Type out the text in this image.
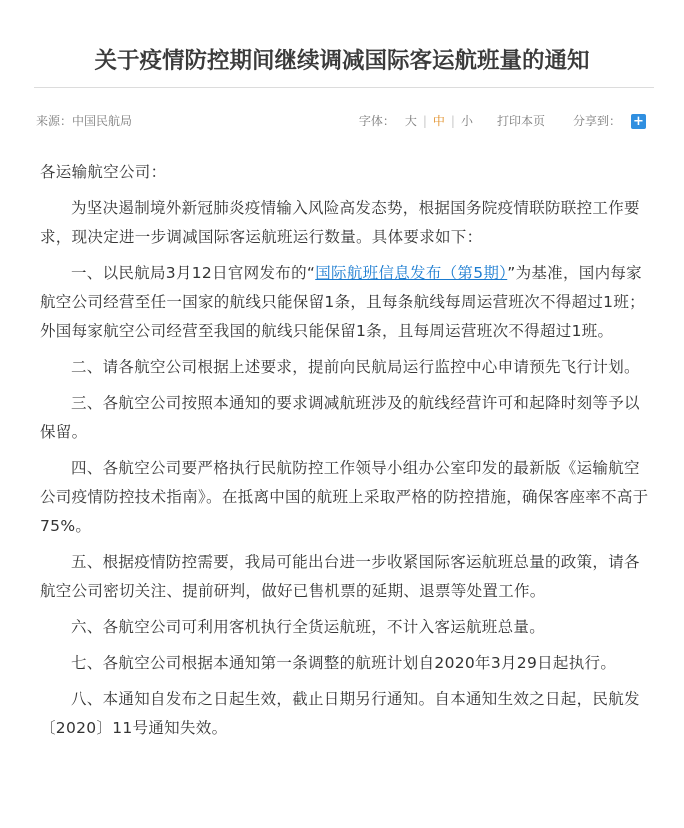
关于疫情防控期间继续调减国际客运航班量的通知
来源：中国民航局	字体： 大 | 中 | 小 打印本页 分享到： +

各运输航空公司：

为坚决遏制境外新冠肺炎疫情输入风险高发态势，根据国务院疫情联防联控工作要求，现决定进一步调减国际客运航班运行数量。具体要求如下：

一、以民航局3月12日官网发布的“国际航班信息发布（第5期）”为基准，国内每家航空公司经营至任一国家的航线只能保留1条，且每条航线每周运营班次不得超过1班；外国每家航空公司经营至我国的航线只能保留1条，且每周运营班次不得超过1班。

二、请各航空公司根据上述要求，提前向民航局运行监控中心申请预先飞行计划。

三、各航空公司按照本通知的要求调减航班涉及的航线经营许可和起降时刻等予以保留。

四、各航空公司要严格执行民航防控工作领导小组办公室印发的最新版《运输航空公司疫情防控技术指南》。在抵离中国的航班上采取严格的防控措施，确保客座率不高于75%。

五、根据疫情防控需要，我局可能出台进一步收紧国际客运航班总量的政策，请各航空公司密切关注、提前研判，做好已售机票的延期、退票等处置工作。

六、各航空公司可利用客机执行全货运航班，不计入客运航班总量。

七、各航空公司根据本通知第一条调整的航班计划自2020年3月29日起执行。

八、本通知自发布之日起生效，截止日期另行通知。自本通知生效之日起，民航发〔2020〕11号通知失效。
